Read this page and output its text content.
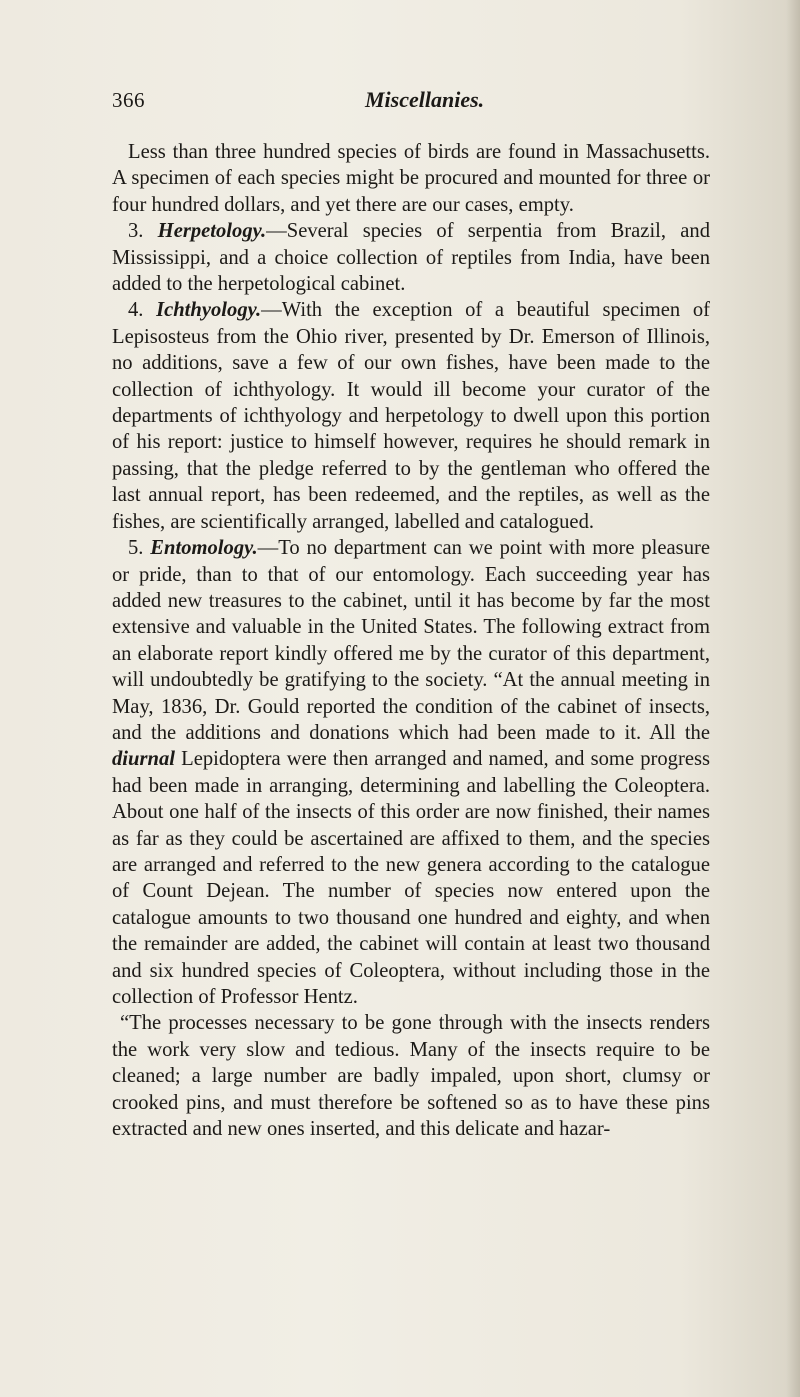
366	Miscellanies.

Less than three hundred species of birds are found in Massachusetts. A specimen of each species might be procured and mounted for three or four hundred dollars, and yet there are our cases, empty.

3. Herpetology.—Several species of serpentia from Brazil, and Mississippi, and a choice collection of reptiles from India, have been added to the herpetological cabinet.

4. Ichthyology.—With the exception of a beautiful specimen of Lepisosteus from the Ohio river, presented by Dr. Emerson of Illinois, no additions, save a few of our own fishes, have been made to the collection of ichthyology. It would ill become your curator of the departments of ichthyology and herpetology to dwell upon this portion of his report: justice to himself however, requires he should remark in passing, that the pledge referred to by the gentleman who offered the last annual report, has been redeemed, and the reptiles, as well as the fishes, are scientifically arranged, labelled and catalogued.

5. Entomology.—To no department can we point with more pleasure or pride, than to that of our entomology. Each succeeding year has added new treasures to the cabinet, until it has become by far the most extensive and valuable in the United States. The following extract from an elaborate report kindly offered me by the curator of this department, will undoubtedly be gratifying to the society. “At the annual meeting in May, 1836, Dr. Gould reported the condition of the cabinet of insects, and the additions and donations which had been made to it. All the diurnal Lepidoptera were then arranged and named, and some progress had been made in arranging, determining and labelling the Coleoptera. About one half of the insects of this order are now finished, their names as far as they could be ascertained are affixed to them, and the species are arranged and referred to the new genera according to the catalogue of Count Dejean. The number of species now entered upon the catalogue amounts to two thousand one hundred and eighty, and when the remainder are added, the cabinet will contain at least two thousand and six hundred species of Coleoptera, without including those in the collection of Professor Hentz.

“The processes necessary to be gone through with the insects renders the work very slow and tedious. Many of the insects require to be cleaned; a large number are badly impaled, upon short, clumsy or crooked pins, and must therefore be softened so as to have these pins extracted and new ones inserted, and this delicate and hazar-
